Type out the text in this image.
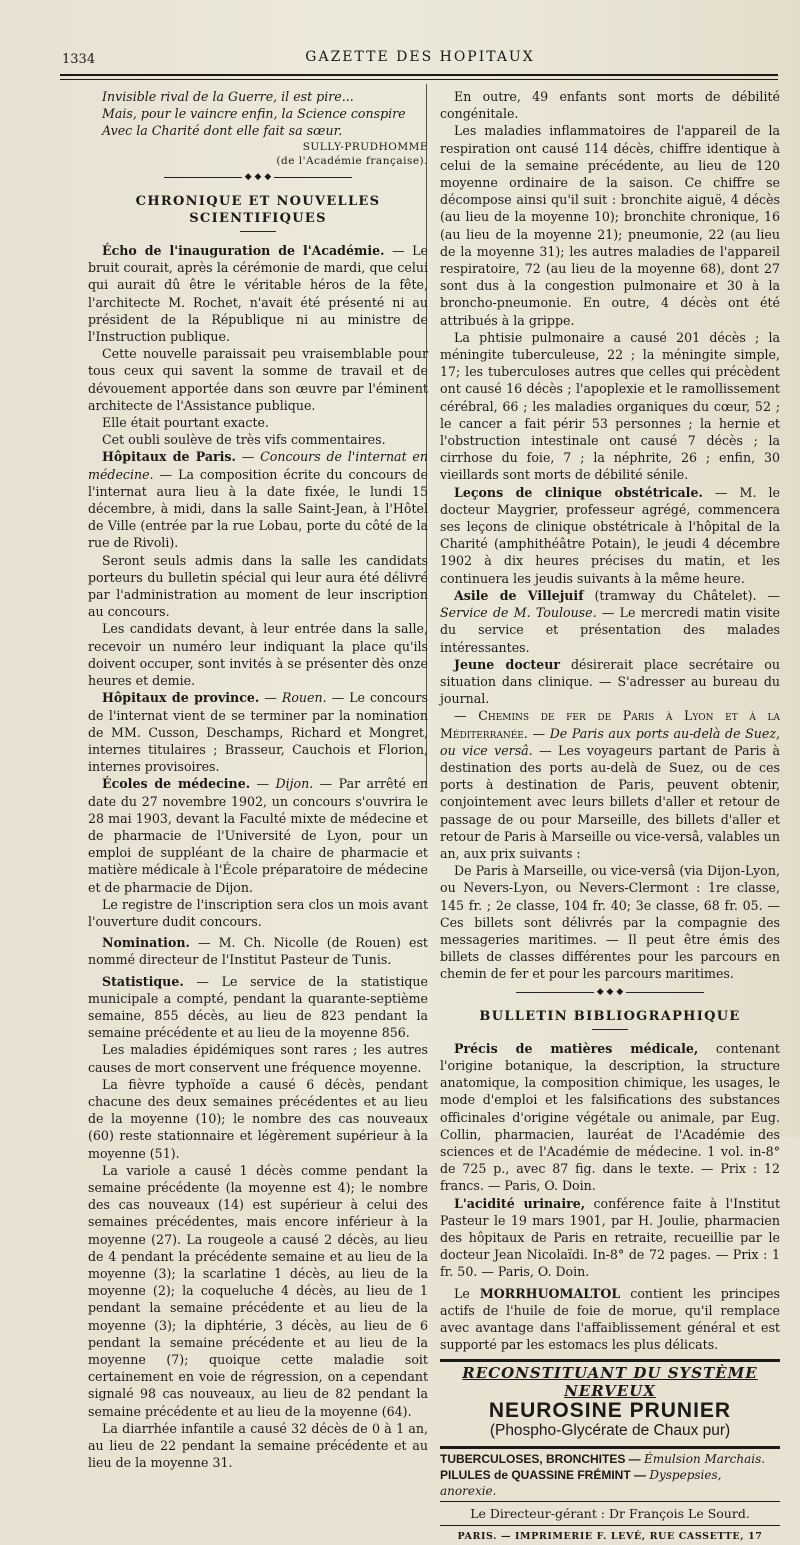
1334	GAZETTE DES HOPITAUX

Invisible rival de la Guerre, il est pire...

Mais, pour le vaincre enfin, la Science conspire

Avec la Charité dont elle fait sa sœur.

SULLY-PRUDHOMME

(de l'Académie française).

◆ ◆ ◆
CHRONIQUE ET NOUVELLES SCIENTIFIQUES

Écho de l'inauguration de l'Académie. — Le bruit courait, après la cérémonie de mardi, que celui qui aurait dû être le véritable héros de la fête, l'architecte M. Rochet, n'avait été présenté ni au président de la République ni au ministre de l'Instruction publique.

Cette nouvelle paraissait peu vraisemblable pour tous ceux qui savent la somme de travail et de dévouement apportée dans son œuvre par l'éminent architecte de l'Assistance publique.

Elle était pourtant exacte.

Cet oubli soulève de très vifs commentaires.

Hôpitaux de Paris. — Concours de l'internat en médecine. — La composition écrite du concours de l'internat aura lieu à la date fixée, le lundi 15 décembre, à midi, dans la salle Saint-Jean, à l'Hôtel de Ville (entrée par la rue Lobau, porte du côté de la rue de Rivoli).

Seront seuls admis dans la salle les candidats porteurs du bulletin spécial qui leur aura été délivré par l'administration au moment de leur inscription au concours.

Les candidats devant, à leur entrée dans la salle, recevoir un numéro leur indiquant la place qu'ils doivent occuper, sont invités à se présenter dès onze heures et demie.

Hôpitaux de province. — Rouen. — Le concours de l'internat vient de se terminer par la nomination de MM. Cusson, Deschamps, Richard et Mongret, internes titulaires ; Brasseur, Cauchois et Florion, internes provisoires.

Écoles de médecine. — Dijon. — Par arrêté en date du 27 novembre 1902, un concours s'ouvrira le 28 mai 1903, devant la Faculté mixte de médecine et de pharmacie de l'Université de Lyon, pour un emploi de suppléant de la chaire de pharmacie et matière médicale à l'École préparatoire de médecine et de pharmacie de Dijon.

Le registre de l'inscription sera clos un mois avant l'ouverture dudit concours.

Nomination. — M. Ch. Nicolle (de Rouen) est nommé directeur de l'Institut Pasteur de Tunis.

Statistique. — Le service de la statistique municipale a compté, pendant la quarante-septième semaine, 855 décès, au lieu de 823 pendant la semaine précédente et au lieu de la moyenne 856.

Les maladies épidémiques sont rares ; les autres causes de mort conservent une fréquence moyenne.

La fièvre typhoïde a causé 6 décès, pendant chacune des deux semaines précédentes et au lieu de la moyenne (10); le nombre des cas nouveaux (60) reste stationnaire et légèrement supérieur à la moyenne (51).

La variole a causé 1 décès comme pendant la semaine précédente (la moyenne est 4); le nombre des cas nouveaux (14) est supérieur à celui des semaines précédentes, mais encore inférieur à la moyenne (27). La rougeole a causé 2 décès, au lieu de 4 pendant la précédente semaine et au lieu de la moyenne (3); la scarlatine 1 décès, au lieu de la moyenne (2); la coqueluche 4 décès, au lieu de 1 pendant la semaine précédente et au lieu de la moyenne (3); la diphtérie, 3 décès, au lieu de 6 pendant la semaine précédente et au lieu de la moyenne (7); quoique cette maladie soit certainement en voie de régression, on a cependant signalé 98 cas nouveaux, au lieu de 82 pendant la semaine précédente et au lieu de la moyenne (64).

La diarrhée infantile a causé 32 décès de 0 à 1 an, au lieu de 22 pendant la semaine précédente et au lieu de la moyenne 31.

En outre, 49 enfants sont morts de débilité congénitale.

Les maladies inflammatoires de l'appareil de la respiration ont causé 114 décès, chiffre identique à celui de la semaine précédente, au lieu de 120 moyenne ordinaire de la saison. Ce chiffre se décompose ainsi qu'il suit : bronchite aiguë, 4 décès (au lieu de la moyenne 10); bronchite chronique, 16 (au lieu de la moyenne 21); pneumonie, 22 (au lieu de la moyenne 31); les autres maladies de l'appareil respiratoire, 72 (au lieu de la moyenne 68), dont 27 sont dus à la congestion pulmonaire et 30 à la broncho-pneumonie. En outre, 4 décès ont été attribués à la grippe.

La phtisie pulmonaire a causé 201 décès ; la méningite tuberculeuse, 22 ; la méningite simple, 17; les tuberculoses autres que celles qui précèdent ont causé 16 décès ; l'apoplexie et le ramollissement cérébral, 66 ; les maladies organiques du cœur, 52 ; le cancer a fait périr 53 personnes ; la hernie et l'obstruction intestinale ont causé 7 décès ; la cirrhose du foie, 7 ; la néphrite, 26 ; enfin, 30 vieillards sont morts de débilité sénile.

Leçons de clinique obstétricale. — M. le docteur Maygrier, professeur agrégé, commencera ses leçons de clinique obstétricale à l'hôpital de la Charité (amphithéâtre Potain), le jeudi 4 décembre 1902 à dix heures précises du matin, et les continuera les jeudis suivants à la même heure.

Asile de Villejuif (tramway du Châtelet). — Service de M. Toulouse. — Le mercredi matin visite du service et présentation des malades intéressantes.

Jeune docteur désirerait place secrétaire ou situation dans clinique. — S'adresser au bureau du journal.

— Chemins de fer de Paris à Lyon et à la Méditerranée. — De Paris aux ports au-delà de Suez, ou vice versâ. — Les voyageurs partant de Paris à destination des ports au-delà de Suez, ou de ces ports à destination de Paris, peuvent obtenir, conjointement avec leurs billets d'aller et retour de passage de ou pour Marseille, des billets d'aller et retour de Paris à Marseille ou vice-versâ, valables un an, aux prix suivants :

De Paris à Marseille, ou vice-versâ (via Dijon-Lyon, ou Nevers-Lyon, ou Nevers-Clermont : 1re classe, 145 fr. ; 2e classe, 104 fr. 40; 3e classe, 68 fr. 05. — Ces billets sont délivrés par la compagnie des messageries maritimes. — Il peut être émis des billets de classes différentes pour les parcours en chemin de fer et pour les parcours maritimes.

◆ ◆ ◆
BULLETIN BIBLIOGRAPHIQUE

Précis de matières médicale, contenant l'origine botanique, la description, la structure anatomique, la composition chimique, les usages, le mode d'emploi et les falsifications des substances officinales d'origine végétale ou animale, par Eug. Collin, pharmacien, lauréat de l'Académie des sciences et de l'Académie de médecine. 1 vol. in-8° de 725 p., avec 87 fig. dans le texte. — Prix : 12 francs. — Paris, O. Doin.

L'acidité urinaire, conférence faite à l'Institut Pasteur le 19 mars 1901, par H. Joulie, pharmacien des hôpitaux de Paris en retraite, recueillie par le docteur Jean Nicolaïdi. In-8° de 72 pages. — Prix : 1 fr. 50. — Paris, O. Doin.

Le MORRHUOMALTOL contient les principes actifs de l'huile de foie de morue, qu'il remplace avec avantage dans l'affaiblissement général et est supporté par les estomacs les plus délicats.

RECONSTITUANT DU SYSTÈME NERVEUX
NEUROSINE PRUNIER
(Phospho-Glycérate de Chaux pur)
TUBERCULOSES, BRONCHITES — Émulsion Marchais.
PILULES de QUASSINE FRÉMINT — Dyspepsies, anorexie.
Le Directeur-gérant : Dr François Le Sourd.
PARIS. — IMPRIMERIE F. LEVÉ, RUE CASSETTE, 17
